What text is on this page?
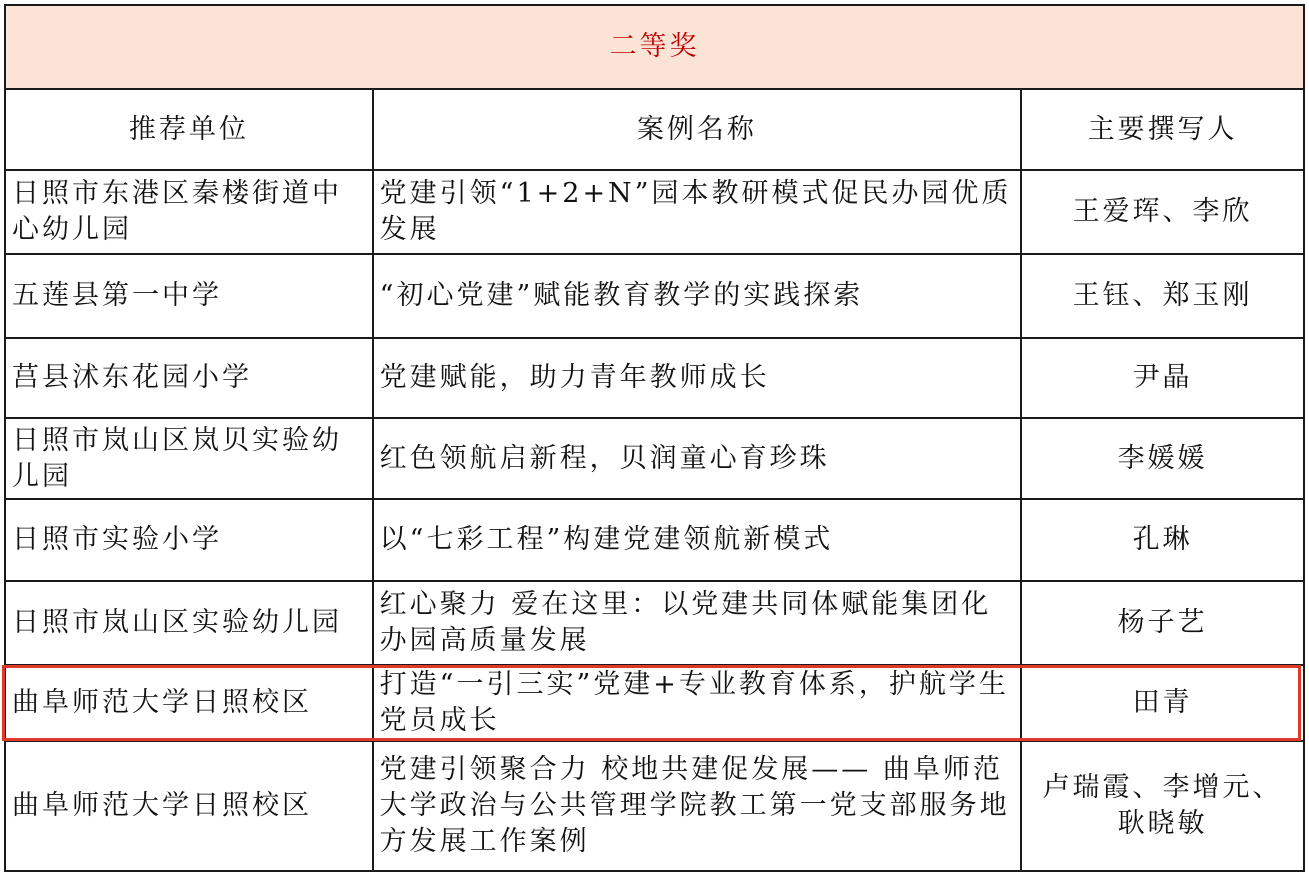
二等奖		
推荐单位	案例名称	主要撰写人
日照市东港区秦楼街道中心幼儿园	党建引领“1+2+N”园本教研模式促民办园优质发展	王爱珲、李欣
五莲县第一中学	“初心党建”赋能教育教学的实践探索	王钰、郑玉刚
莒县沭东花园小学	党建赋能，助力青年教师成长	尹晶
日照市岚山区岚贝实验幼儿园	红色领航启新程，贝润童心育珍珠	李媛媛
日照市实验小学	以“七彩工程”构建党建领航新模式	孔琳
日照市岚山区实验幼儿园	红心聚力 爱在这里：以党建共同体赋能集团化办园高质量发展	杨子艺
曲阜师范大学日照校区	打造“一引三实”党建+专业教育体系，护航学生党员成长	田青
曲阜师范大学日照校区	党建引领聚合力 校地共建促发展—— 曲阜师范大学政治与公共管理学院教工第一党支部服务地方发展工作案例	卢瑞霞、李增元、耿晓敏
